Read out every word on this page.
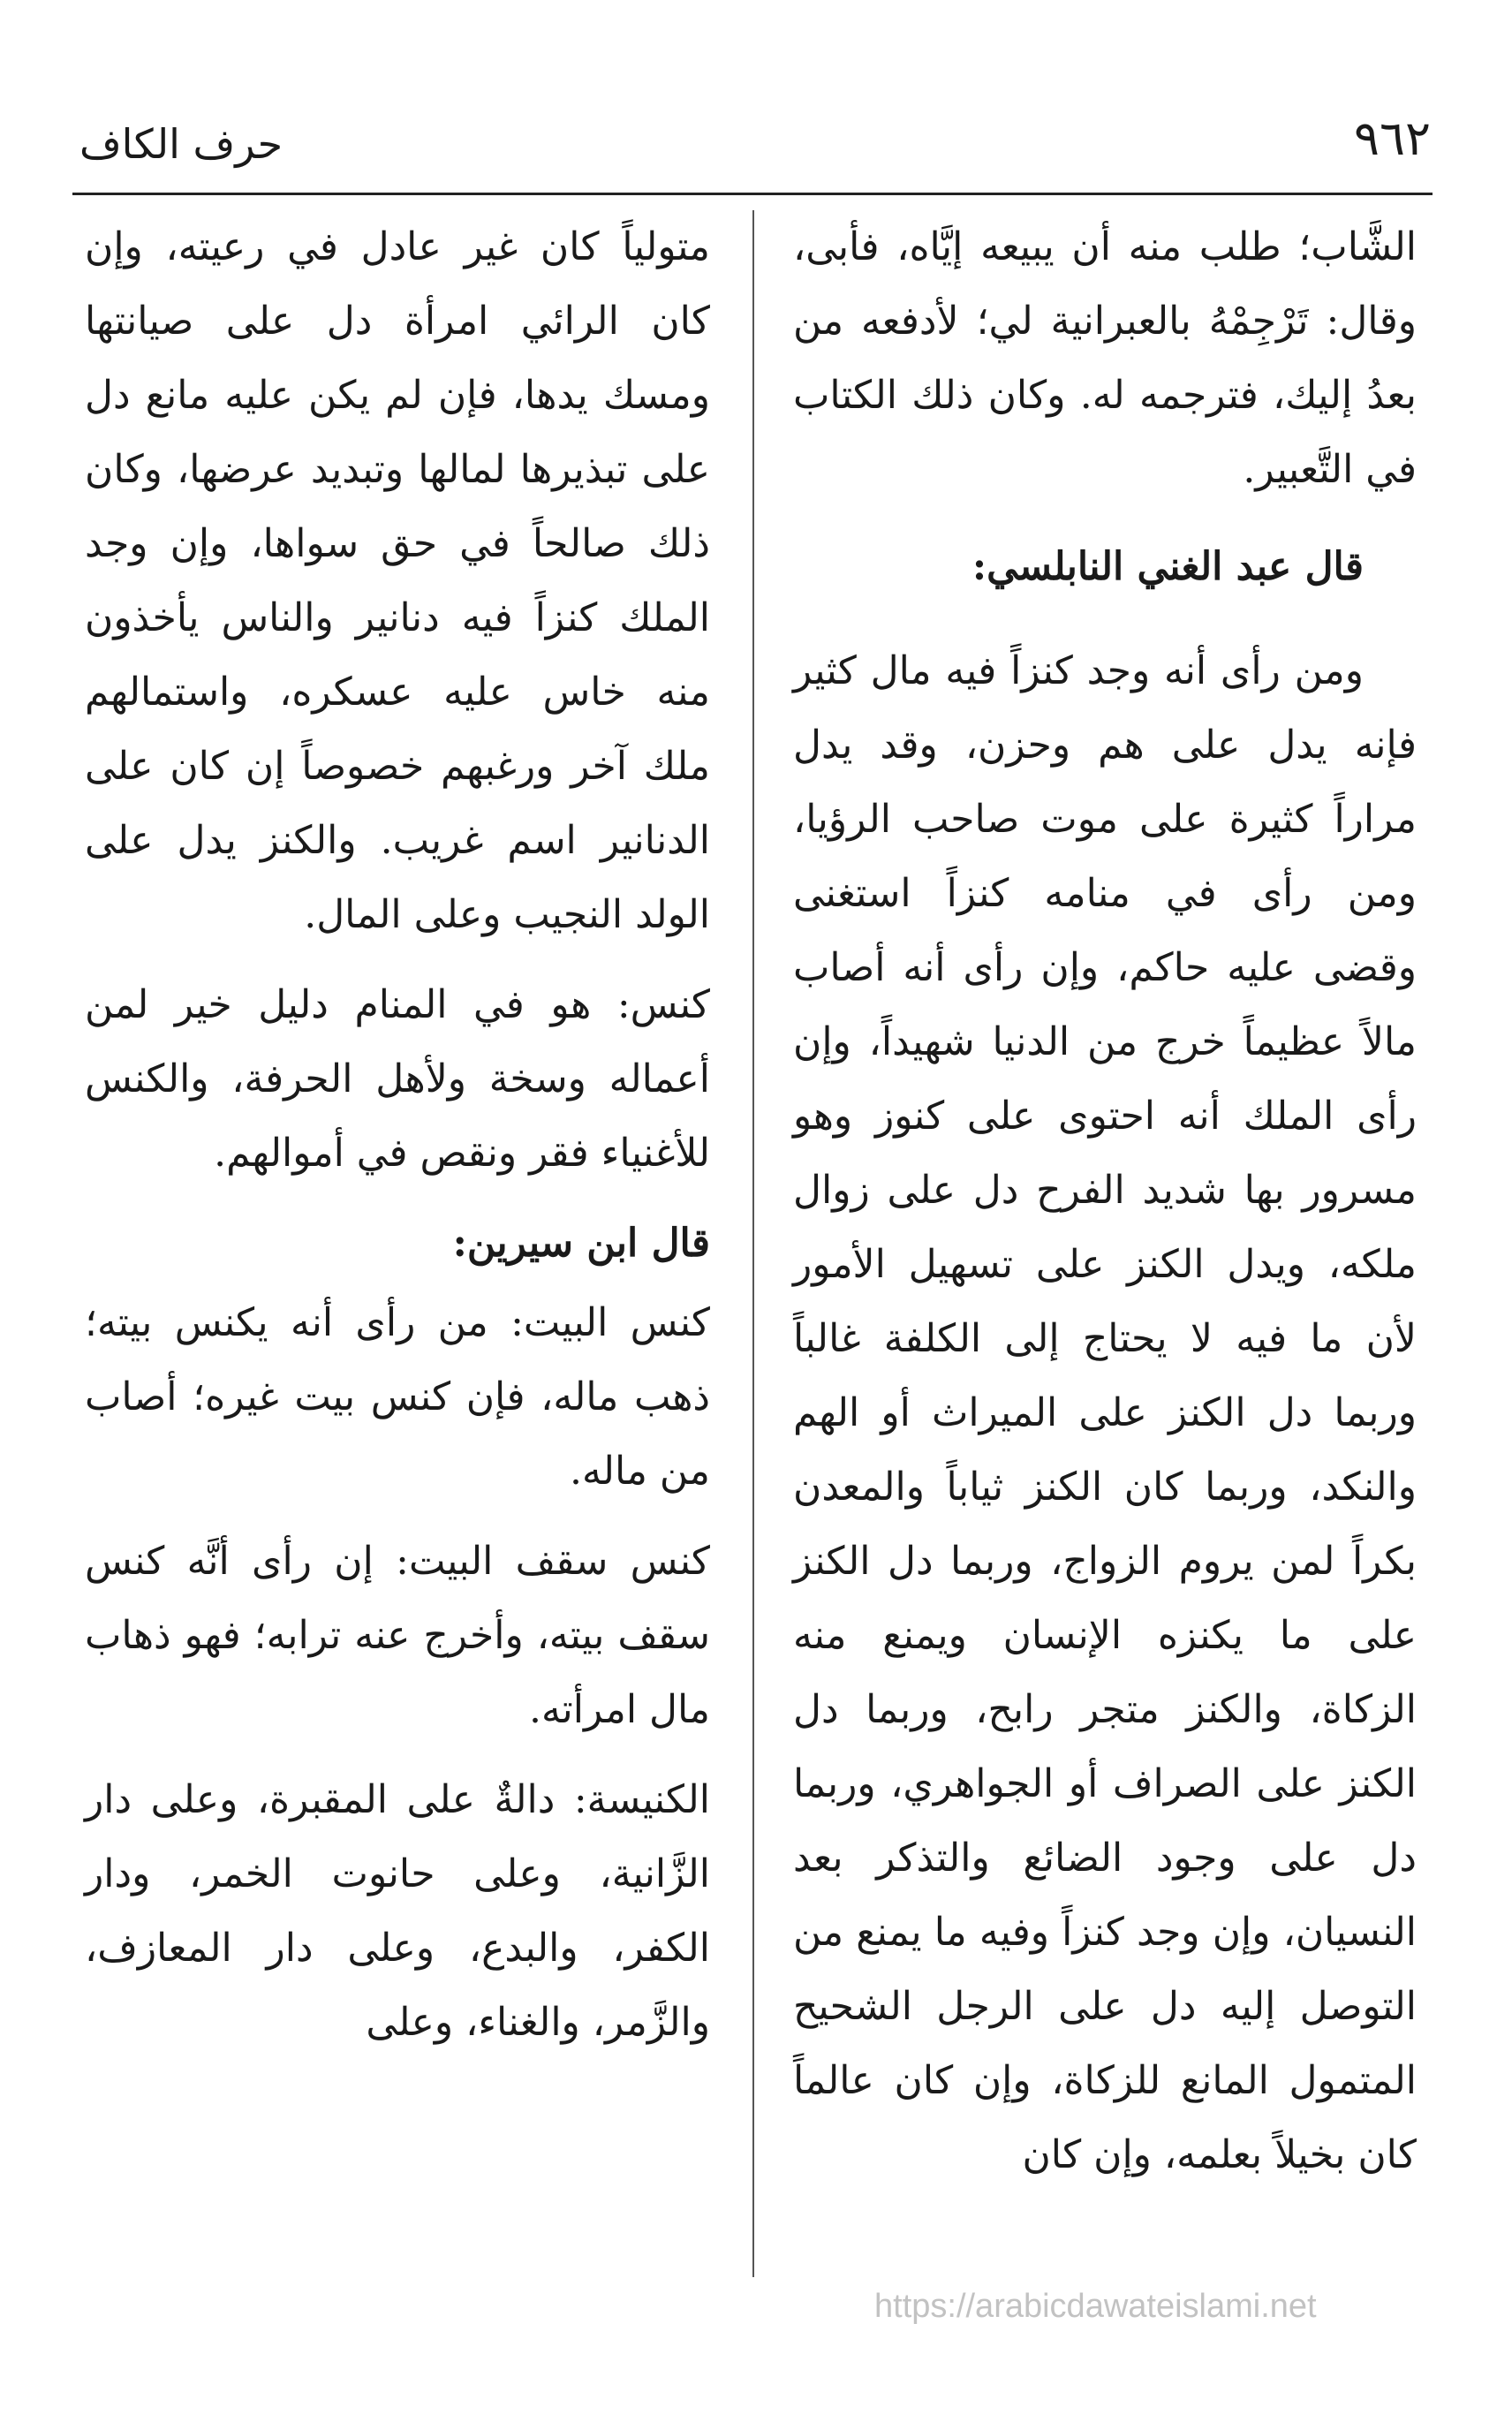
٩٦٢
حرف الكاف

الشَّاب؛ طلب منه أن يبيعه إيَّاه، فأبى، وقال: تَرْجِمْهُ بالعبرانية لي؛ لأدفعه من بعدُ إليك، فترجمه له. وكان ذلك الكتاب في التَّعبير.

قال عبد الغني النابلسي:

ومن رأى أنه وجد كنزاً فيه مال كثير فإنه يدل على هم وحزن، وقد يدل مراراً كثيرة على موت صاحب الرؤيا، ومن رأى في منامه كنزاً استغنى وقضى عليه حاكم، وإن رأى أنه أصاب مالاً عظيماً خرج من الدنيا شهيداً، وإن رأى الملك أنه احتوى على كنوز وهو مسرور بها شديد الفرح دل على زوال ملكه، ويدل الكنز على تسهيل الأمور لأن ما فيه لا يحتاج إلى الكلفة غالباً وربما دل الكنز على الميراث أو الهم والنكد، وربما كان الكنز ثياباً والمعدن بكراً لمن يروم الزواج، وربما دل الكنز على ما يكنزه الإنسان ويمنع منه الزكاة، والكنز متجر رابح، وربما دل الكنز على الصراف أو الجواهري، وربما دل على وجود الضائع والتذكر بعد النسيان، وإن وجد كنزاً وفيه ما يمنع من التوصل إليه دل على الرجل الشحيح المتمول المانع للزكاة، وإن كان عالماً كان بخيلاً بعلمه، وإن كان

متولياً كان غير عادل في رعيته، وإن كان الرائي امرأة دل على صيانتها ومسك يدها، فإن لم يكن عليه مانع دل على تبذيرها لمالها وتبديد عرضها، وكان ذلك صالحاً في حق سواها، وإن وجد الملك كنزاً فيه دنانير والناس يأخذون منه خاس عليه عسكره، واستمالهم ملك آخر ورغبهم خصوصاً إن كان على الدنانير اسم غريب. والكنز يدل على الولد النجيب وعلى المال.

كنس: هو في المنام دليل خير لمن أعماله وسخة ولأهل الحرفة، والكنس للأغنياء فقر ونقص في أموالهم.

قال ابن سيرين:

كنس البيت: من رأى أنه يكنس بيته؛ ذهب ماله، فإن كنس بيت غيره؛ أصاب من ماله.

كنس سقف البيت: إن رأى أنَّه كنس سقف بيته، وأخرج عنه ترابه؛ فهو ذهاب مال امرأته.

الكنيسة: دالةٌ على المقبرة، وعلى دار الزَّانية، وعلى حانوت الخمر، ودار الكفر، والبدع، وعلى دار المعازف، والزَّمر، والغناء، وعلى

https://arabicdawateislami.net
